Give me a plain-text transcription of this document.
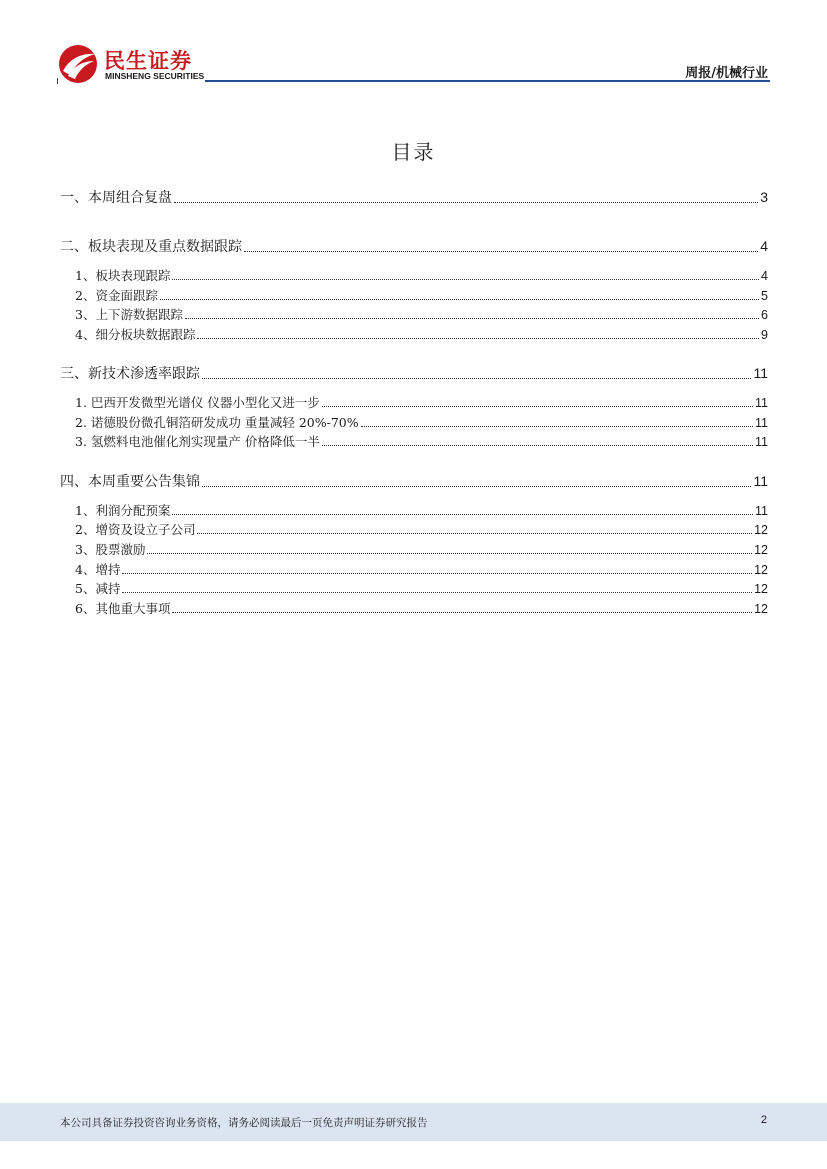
民生证券
MINSHENG SECURITIES	周报/机械行业
目录
一、本周组合复盘	3
二、板块表现及重点数据跟踪	4
1、板块表现跟踪	4
2、资金面跟踪	5
3、上下游数据跟踪	6
4、细分板块数据跟踪	9
三、新技术渗透率跟踪	11
1. 巴西开发微型光谱仪 仪器小型化又进一步	11
2. 诺德股份微孔铜箔研发成功 重量减轻 20%-70%	11
3. 氢燃料电池催化剂实现量产 价格降低一半	11
四、本周重要公告集锦	11
1、利润分配预案	11
2、增资及设立子公司	12
3、股票激励	12
4、增持	12
5、减持	12
6、其他重大事项	12
本公司具备证券投资咨询业务资格，请务必阅读最后一页免责声明证券研究报告	2
